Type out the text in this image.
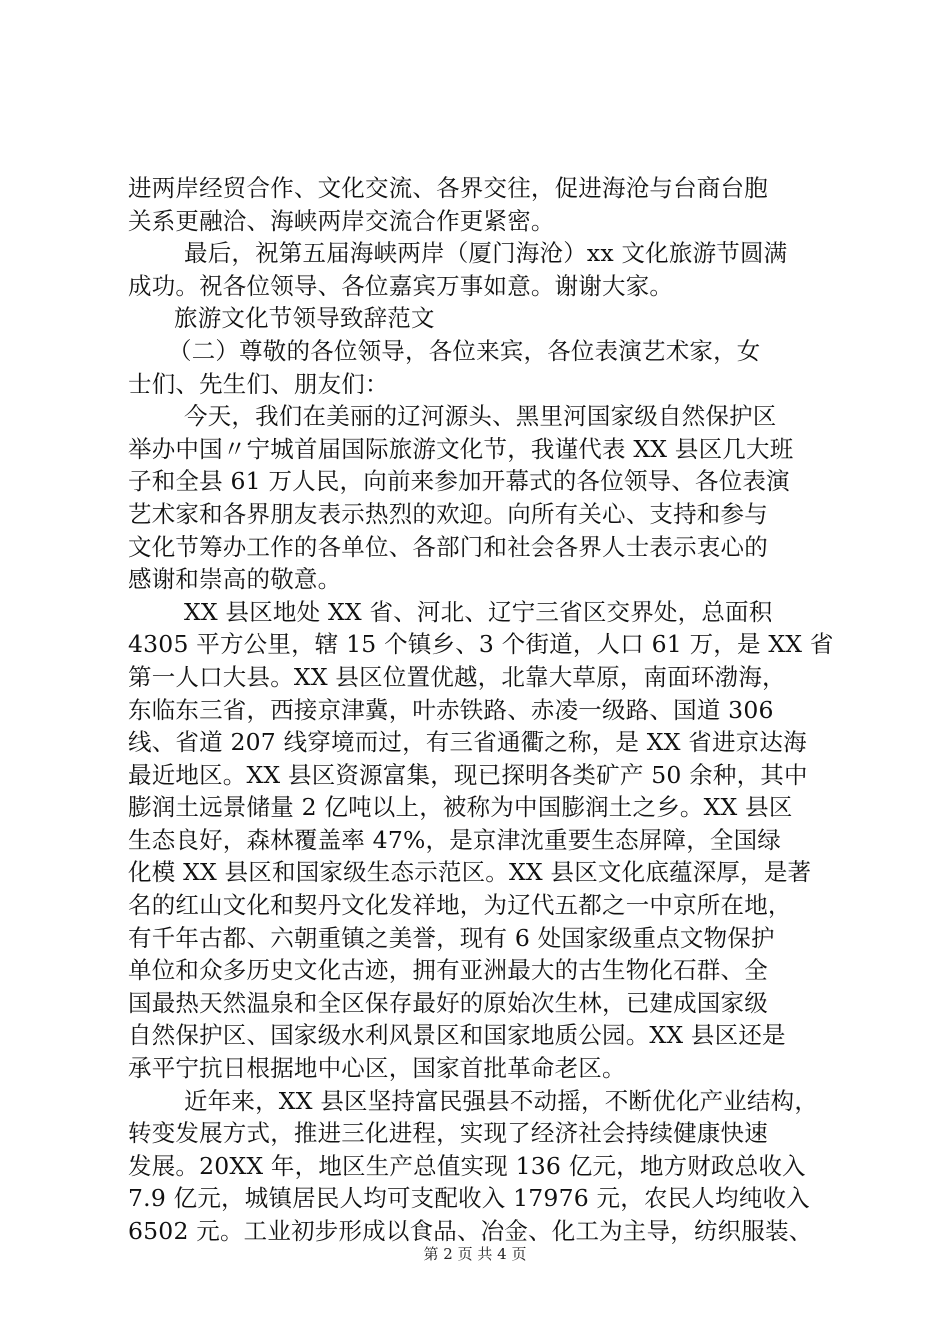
进两岸经贸合作、文化交流、各界交往，促进海沧与台商台胞
关系更融洽、海峡两岸交流合作更紧密。
最后，祝第五届海峡两岸（厦门海沧）xx 文化旅游节圆满
成功。祝各位领导、各位嘉宾万事如意。谢谢大家。
旅游文化节领导致辞范文
（二）尊敬的各位领导，各位来宾，各位表演艺术家，女
士们、先生们、朋友们：
今天，我们在美丽的辽河源头、黑里河国家级自然保护区
举办中国〃宁城首届国际旅游文化节，我谨代表 XX 县区几大班
子和全县 61 万人民，向前来参加开幕式的各位领导、各位表演
艺术家和各界朋友表示热烈的欢迎。向所有关心、支持和参与
文化节筹办工作的各单位、各部门和社会各界人士表示衷心的
感谢和崇高的敬意。
XX 县区地处 XX 省、河北、辽宁三省区交界处，总面积
4305 平方公里，辖 15 个镇乡、3 个街道，人口 61 万，是 XX 省
第一人口大县。XX 县区位置优越，北靠大草原，南面环渤海，
东临东三省，西接京津冀，叶赤铁路、赤凌一级路、国道 306
线、省道 207 线穿境而过，有三省通衢之称，是 XX 省进京达海
最近地区。XX 县区资源富集，现已探明各类矿产 50 余种，其中
膨润土远景储量 2 亿吨以上，被称为中国膨润土之乡。XX 县区
生态良好，森林覆盖率 47%，是京津沈重要生态屏障，全国绿
化模 XX 县区和国家级生态示范区。XX 县区文化底蕴深厚，是著
名的红山文化和契丹文化发祥地，为辽代五都之一中京所在地，
有千年古都、六朝重镇之美誉，现有 6 处国家级重点文物保护
单位和众多历史文化古迹，拥有亚洲最大的古生物化石群、全
国最热天然温泉和全区保存最好的原始次生林，已建成国家级
自然保护区、国家级水利风景区和国家地质公园。XX 县区还是
承平宁抗日根据地中心区，国家首批革命老区。
近年来，XX 县区坚持富民强县不动摇，不断优化产业结构，
转变发展方式，推进三化进程，实现了经济社会持续健康快速
发展。20XX 年，地区生产总值实现 136 亿元，地方财政总收入
7.9 亿元，城镇居民人均可支配收入 17976 元，农民人均纯收入
6502 元。工业初步形成以食品、冶金、化工为主导，纺织服装、
第 2 页 共 4 页
